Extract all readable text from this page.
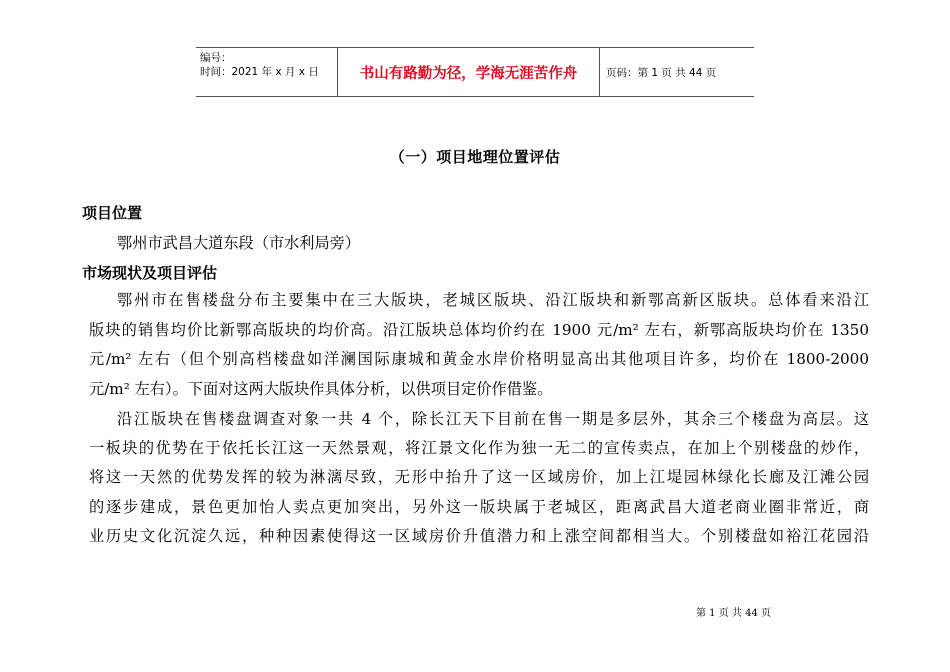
编号：
时间：2021 年 x 月 x 日	书山有路勤为径，学海无涯苦作舟	页码：第 1 页 共 44 页
（一）项目地理位置评估
项目位置
鄂州市武昌大道东段（市水利局旁）
市场现状及项目评估
鄂州市在售楼盘分布主要集中在三大版块，老城区版块、沿江版块和新鄂高新区版块。总体看来沿江
版块的销售均价比新鄂高版块的均价高。沿江版块总体均价约在 1900 元/m² 左右，新鄂高版块均价在 1350
元/m² 左右（但个别高档楼盘如洋澜国际康城和黄金水岸价格明显高出其他项目许多，均价在 1800-2000
元/m² 左右）。下面对这两大版块作具体分析，以供项目定价作借鉴。
沿江版块在售楼盘调查对象一共 4 个，除长江天下目前在售一期是多层外，其余三个楼盘为高层。这
一板块的优势在于依托长江这一天然景观，将江景文化作为独一无二的宣传卖点，在加上个别楼盘的炒作，
将这一天然的优势发挥的较为淋漓尽致，无形中抬升了这一区域房价，加上江堤园林绿化长廊及江滩公园
的逐步建成，景色更加怡人卖点更加突出，另外这一版块属于老城区，距离武昌大道老商业圈非常近，商
业历史文化沉淀久远，种种因素使得这一区域房价升值潜力和上涨空间都相当大。个别楼盘如裕江花园沿
第 1 页 共 44 页
